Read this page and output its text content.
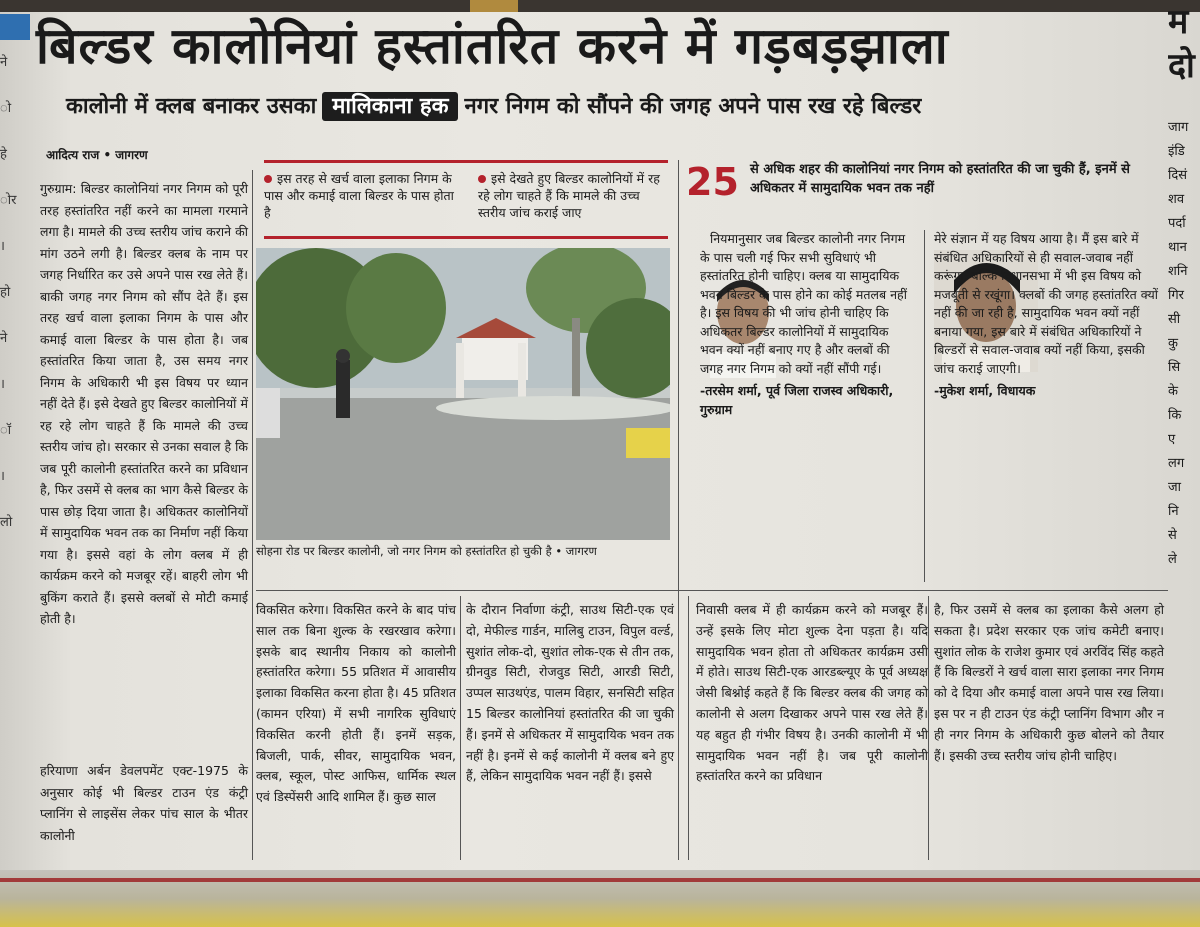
ने
ो
हे
ोर
।
हो
ने
।
ॉ
।
लो
म
दो
जाग
इंडि
दिसं
शव
पर्दा
थान
शनि
गिर
सी
कु
सि
के
कि
ए
लग
जा
नि
से
ले
बिल्डर कालोनियां हस्तांतरित करने में गड़बड़झाला
कालोनी में क्लब बनाकर उसका मालिकाना हक नगर निगम को सौंपने की जगह अपने पास रख रहे बिल्डर
आदित्य राज • जागरण
गुरुग्राम: बिल्डर कालोनियां नगर निगम को पूरी तरह हस्तांतरित नहीं करने का मामला गरमाने लगा है। मामले की उच्च स्तरीय जांच कराने की मांग उठने लगी है। बिल्डर क्लब के नाम पर जगह निर्धारित कर उसे अपने पास रख लेते हैं। बाकी जगह नगर निगम को सौंप देते हैं। इस तरह खर्च वाला इलाका निगम के पास और कमाई वाला बिल्डर के पास होता है। जब हस्तांतरित किया जाता है, उस समय नगर निगम के अधिकारी भी इस विषय पर ध्यान नहीं देते हैं। इसे देखते हुए बिल्डर कालोनियों में रह रहे लोग चाहते हैं कि मामले की उच्च स्तरीय जांच हो। सरकार से उनका सवाल है कि जब पूरी कालोनी हस्तांतरित करने का प्रविधान है, फिर उसमें से क्लब का भाग कैसे बिल्डर के पास छोड़ दिया जाता है। अधिकतर कालोनियों में सामुदायिक भवन तक का निर्माण नहीं किया गया है। इससे वहां के लोग क्लब में ही कार्यक्रम करने को मजबूर रहें। बाहरी लोग भी बुकिंग कराते हैं। इससे क्लबों से मोटी कमाई होती है।
हरियाणा अर्बन डेवलपमेंट एक्ट-1975 के अनुसार कोई भी बिल्डर टाउन एंड कंट्री प्लानिंग से लाइसेंस लेकर पांच साल के भीतर कालोनी
इस तरह से खर्च वाला इलाका निगम के पास और कमाई वाला बिल्डर के पास होता है
इसे देखते हुए बिल्डर कालोनियों में रह रहे लोग चाहते हैं कि मामले की उच्च स्तरीय जांच कराई जाए
सोहना रोड पर बिल्डर कालोनी, जो नगर निगम को हस्तांतरित हो चुकी है • जागरण
25 से अधिक शहर की कालोनियां नगर निगम को हस्तांतरित की जा चुकी हैं, इनमें से अधिकतर में सामुदायिक भवन तक नहीं
नियमानुसार जब बिल्डर कालोनी नगर निगम के पास चली गई फिर सभी सुविधाएं भी हस्तांतरित होनी चाहिए। क्लब या सामुदायिक भवन बिल्डर के पास होने का कोई मतलब नहीं है। इस विषय की भी जांच होनी चाहिए कि अधिकतर बिल्डर कालोनियों में सामुदायिक भवन क्यों नहीं बनाए गए है और क्लबों की जगह नगर निगम को क्यों नहीं सौंपी गई।
-तरसेम शर्मा, पूर्व जिला राजस्व अधिकारी, गुरुग्राम
मेरे संज्ञान में यह विषय आया है। मैं इस बारे में संबंधित अधिकारियों से ही सवाल-जवाब नहीं करूंगा, बल्कि विधानसभा में भी इस विषय को मजबूती से रखूंगा। क्लबों की जगह हस्तांतरित क्यों नहीं की जा रही है, सामुदायिक भवन क्यों नहीं बनाया गया, इस बारे में संबंधित अधिकारियों ने बिल्डरों से सवाल-जवाब क्यों नहीं किया, इसकी जांच कराई जाएगी।
-मुकेश शर्मा, विधायक
विकसित करेगा। विकसित करने के बाद पांच साल तक बिना शुल्क के रखरखाव करेगा। इसके बाद स्थानीय निकाय को कालोनी हस्तांतरित करेगा। 55 प्रतिशत में आवासीय इलाका विकसित करना होता है। 45 प्रतिशत (कामन एरिया) में सभी नागरिक सुविधाएं विकसित करनी होती हैं। इनमें सड़क, बिजली, पार्क, सीवर, सामुदायिक भवन, क्लब, स्कूल, पोस्ट आफिस, धार्मिक स्थल एवं डिस्पेंसरी आदि शामिल हैं। कुछ साल
के दौरान निर्वाणा कंट्री, साउथ सिटी-एक एवं दो, मेफील्ड गार्डन, मालिबु टाउन, विपुल वर्ल्ड, सुशांत लोक-दो, सुशांत लोक-एक से तीन तक, ग्रीनवुड सिटी, रोजवुड सिटी, आरडी सिटी, उप्पल साउथएंड, पालम विहार, सनसिटी सहित 15 बिल्डर कालोनियां हस्तांतरित की जा चुकी हैं। इनमें से अधिकतर में सामुदायिक भवन तक नहीं है। इनमें से कई कालोनी में क्लब बने हुए हैं, लेकिन सामुदायिक भवन नहीं हैं। इससे
निवासी क्लब में ही कार्यक्रम करने को मजबूर हैं। उन्हें इसके लिए मोटा शुल्क देना पड़ता है। यदि सामुदायिक भवन होता तो अधिकतर कार्यक्रम उसी में होते। साउथ सिटी-एक आरडब्ल्यूए के पूर्व अध्यक्ष जेसी बिश्नोई कहते हैं कि बिल्डर क्लब की जगह को कालोनी से अलग दिखाकर अपने पास रख लेते हैं। यह बहुत ही गंभीर विषय है। उनकी कालोनी में भी सामुदायिक भवन नहीं है। जब पूरी कालोनी हस्तांतरित करने का प्रविधान
है, फिर उसमें से क्लब का इलाका कैसे अलग हो सकता है। प्रदेश सरकार एक जांच कमेटी बनाए। सुशांत लोक के राजेश कुमार एवं अरविंद सिंह कहते हैं कि बिल्डरों ने खर्च वाला सारा इलाका नगर निगम को दे दिया और कमाई वाला अपने पास रख लिया। इस पर न ही टाउन एंड कंट्री प्लानिंग विभाग और न ही नगर निगम के अधिकारी कुछ बोलने को तैयार हैं। इसकी उच्च स्तरीय जांच होनी चाहिए।
